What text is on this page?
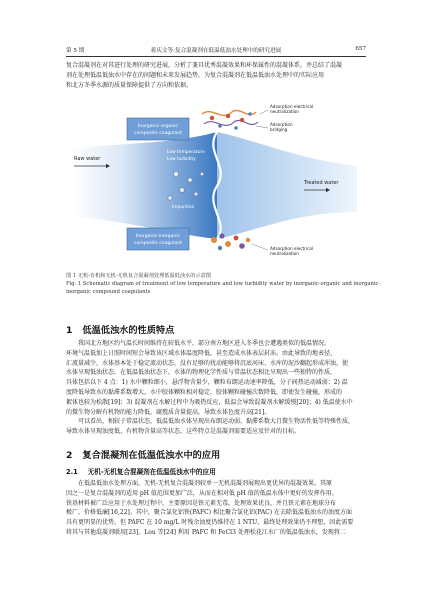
第 5 期	蒋庆文等:复合混凝剂在低温低浊水处理中的研究进展	657
复合混凝剂在对其进行处理的研究进展，分析了兼具优秀混凝效果和环保属性的混凝体系，并总结了混凝
剂在处理低温低浊水中存在的问题和未来发展趋势，为复合混凝剂在低温低浊水处理中的实际应用
和北方冬季水源的质量保障提供了方向和依据。
Inorganic-organic
composite coagulant
Adsorption electrical
neutralization
Adsorption
bridging
Raw water
Low temperature
Low turbidity
Impurities
Treated water
Inorganic-inorganic
composite coagulant
Adsorption electrical
neutralization
图 1 无机-有机和无机-无机复合混凝剂处理低温低浊水的示意图
Fig. 1 Schematic diagram of treatment of low temperature and low turbidity water by inorganic-organic and inorganic-
inorganic compound coagulants
1 低温低浊水的性质特点
我国北方地区约气温长时间维持在较低水平，部分南方地区进入冬季也会遭遇类似的低温情况。
环境气温低加上日照时间短会导致该区域水体温度降低，甚至造成水体表层封冻。由此导致的地表径、
汇流量减少，水体基本处于稳定流动状态，没有足够的扰动能够将沉底河床、水库的泥沙翻起形成浑浊，使
水体呈现低浊状态。在低温低浊状态下，水体的物理化学性质与常温状态相比呈现出一些独特的性质，
具体包括以下 4 点：1) 水中颗粒细小，悬浮物含量少，颗粒布朗运动速率降低，分子间热运动减弱；2) 温
度降低导致水的黏滞系数增大，水中胶体颗粒相对稳定，胶体颗粒碰撞次数降低，即使发生碰撞，形成的
絮体也较为松散[19]；3) 混凝剂在水解过程中为吸热反应，低温会导致混凝剂水解缓慢[20]；4) 低温使水中
的微生物分解有机物的能力降低，腐殖质含量提高，导致水体色度升高[21]。
可以看出，相较于常温状态，低温低浊水体呈现出布朗运动弱、黏滞系数大且微生物活性低等特殊性质，
导致水体呈现浊度低、有机物含量高等状态。这些特点是混凝剂需要适应及针对的目标。
2 复合混凝剂在低温低浊水中的应用
2.1 无机-无机复合混凝剂在低温低浊水中的应用
在低温低浊水处理方面，无机-无机复合混凝剂较单一无机混凝剂展现出更优异的混凝效果。其原
因之一是复合混凝剂的适用 pH 值范围更加广泛，从而在相对低 pH 值的低温水体中更好的发挥作用。
铁基材料被广泛应用于水处理过程中，主要原因是铁元素无毒，处理效果优良，并且铁元素在地球分布
极广，价格低廉[16,22]。其中，聚合氯化铝铁(PAFC) 相比聚合氯化铝(PAC) 在去除低温低浊水的浊度方面
具有更明显的优势，但 PAFC 在 10 mg/L 时残余浊度仍维持在 1 NTU，最终处理效果仍不理想，因此需要
将其与其他混凝剂联用[23]。Lou 等[24] 利用 PAFC 和 FeCl3 处理松花江水厂的低温低浊水，发现将二
